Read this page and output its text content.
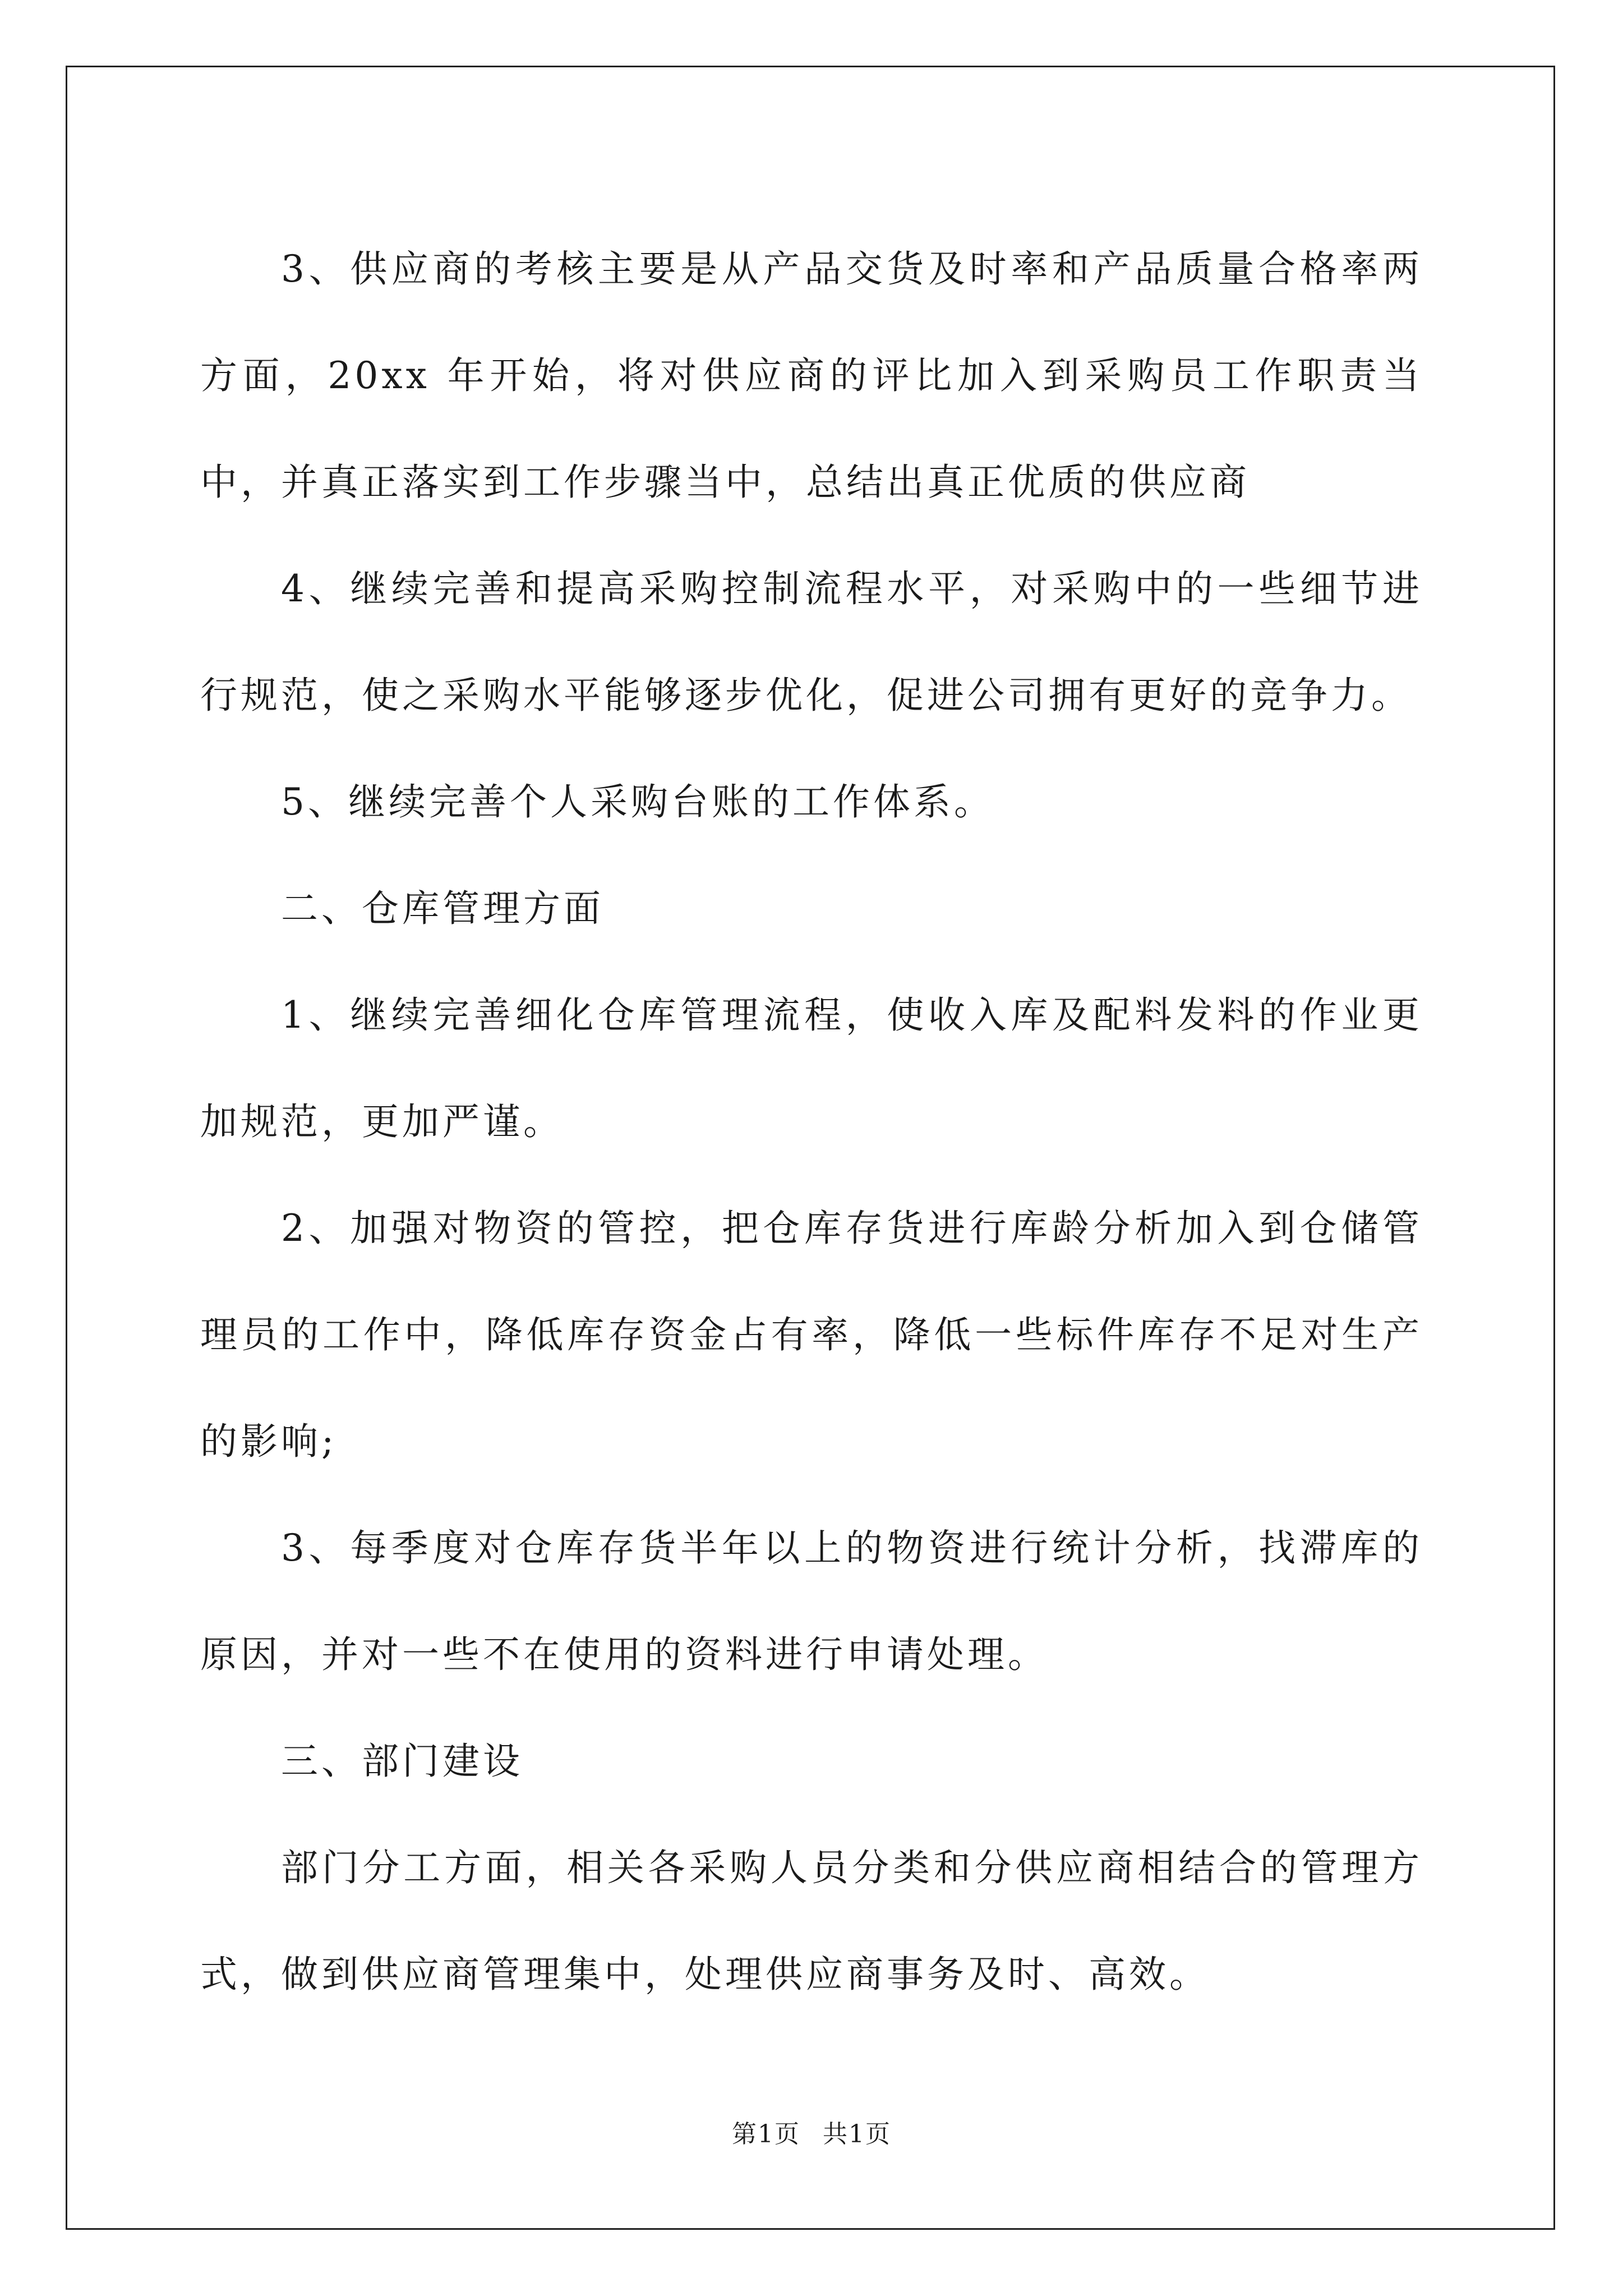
3、供应商的考核主要是从产品交货及时率和产品质量合格率两方面，20xx 年开始，将对供应商的评比加入到采购员工作职责当中，并真正落实到工作步骤当中，总结出真正优质的供应商

4、继续完善和提高采购控制流程水平，对采购中的一些细节进行规范，使之采购水平能够逐步优化，促进公司拥有更好的竞争力。

5、继续完善个人采购台账的工作体系。

二、仓库管理方面

1、继续完善细化仓库管理流程，使收入库及配料发料的作业更加规范，更加严谨。

2、加强对物资的管控，把仓库存货进行库龄分析加入到仓储管理员的工作中，降低库存资金占有率，降低一些标件库存不足对生产的影响;

3、每季度对仓库存货半年以上的物资进行统计分析，找滞库的原因，并对一些不在使用的资料进行申请处理。

三、部门建设

部门分工方面，相关各采购人员分类和分供应商相结合的管理方式，做到供应商管理集中，处理供应商事务及时、高效。

第1页 共1页
